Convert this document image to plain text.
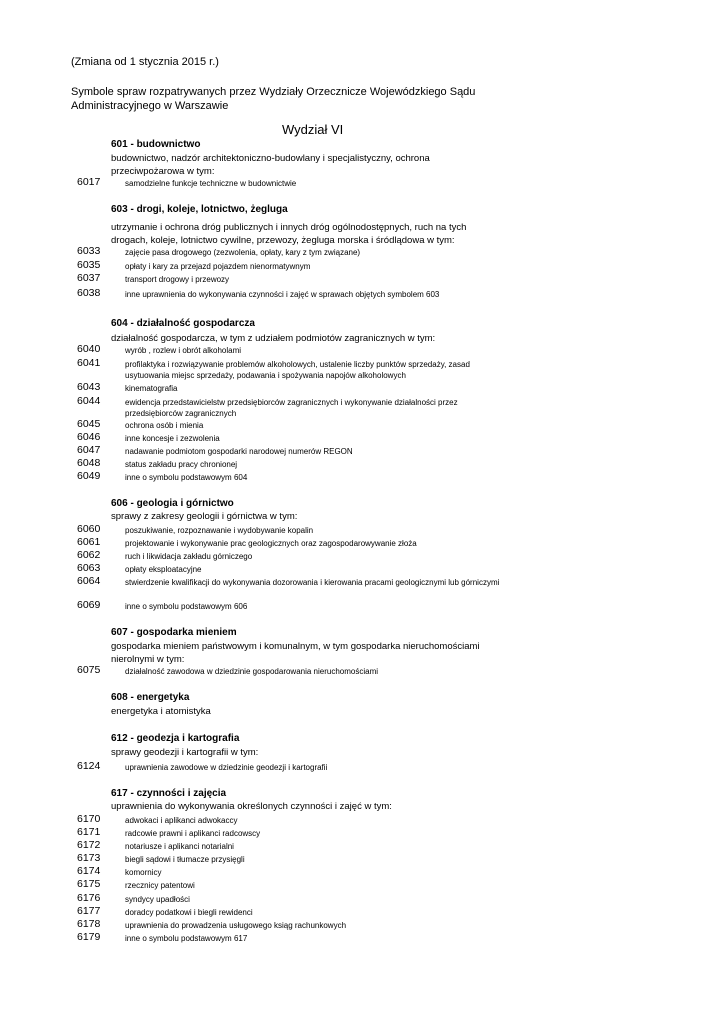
(Zmiana od 1 stycznia 2015 r.)
Symbole spraw rozpatrywanych przez Wydziały Orzecznicze Wojewódzkiego Sądu
Administracyjnego w Warszawie
Wydział VI
601 - budownictwo
budownictwo, nadzór architektoniczno-budowlany i specjalistyczny, ochrona przeciwpożarowa w tym:
6017	samodzielne funkcje techniczne w budownictwie
603 - drogi, koleje, lotnictwo, żegluga
utrzymanie i ochrona dróg publicznych i innych dróg ogólnodostępnych, ruch na tych drogach, koleje, lotnictwo cywilne, przewozy, żegluga morska i śródlądowa w tym:
6033	zajęcie pasa drogowego (zezwolenia, opłaty, kary z tym związane)
6035	opłaty i kary za przejazd pojazdem nienormatywnym
6037	transport drogowy i przewozy
6038	inne uprawnienia do wykonywania czynności i zajęć w sprawach objętych symbolem 603
604 - działalność gospodarcza
działalność gospodarcza, w tym z udziałem podmiotów zagranicznych w tym:
6040	wyrób , rozlew i obrót alkoholami
6041	profilaktyka i rozwiązywanie problemów alkoholowych, ustalenie liczby punktów sprzedaży, zasad usytuowania miejsc sprzedaży, podawania i spożywania napojów alkoholowych
6043	kinematografia
6044	ewidencja przedstawicielstw przedsiębiorców zagranicznych i wykonywanie działalności przez przedsiębiorców zagranicznych
6045	ochrona osób i mienia
6046	inne koncesje i zezwolenia
6047	nadawanie podmiotom gospodarki narodowej numerów REGON
6048	status zakładu pracy chronionej
6049	inne o symbolu podstawowym 604
606 - geologia i górnictwo
sprawy z zakresy geologii i górnictwa w tym:
6060	poszukiwanie, rozpoznawanie i wydobywanie kopalin
6061	projektowanie i wykonywanie prac geologicznych oraz zagospodarowywanie złoża
6062	ruch i likwidacja zakładu górniczego
6063	opłaty eksploatacyjne
6064	stwierdzenie kwalifikacji do wykonywania dozorowania i kierowania pracami geologicznymi lub górniczymi
6069	inne o symbolu podstawowym 606
607 - gospodarka mieniem
gospodarka mieniem państwowym i komunalnym, w tym gospodarka nieruchomościami nierolnymi w tym:
6075	działalność zawodowa w dziedzinie gospodarowania nieruchomościami
608 - energetyka
energetyka i atomistyka
612 - geodezja i kartografia
sprawy geodezji i kartografii w tym:
6124	uprawnienia zawodowe w dziedzinie geodezji i kartografii
617 - czynności i zajęcia
uprawnienia do wykonywania określonych czynności i zajęć w tym:
6170	adwokaci i aplikanci adwokaccy
6171	radcowie prawni i aplikanci radcowscy
6172	notariusze i aplikanci notarialni
6173	biegli sądowi i tłumacze przysięgli
6174	komornicy
6175	rzecznicy patentowi
6176	syndycy upadłości
6177	doradcy podatkowi i biegli rewidenci
6178	uprawnienia do prowadzenia usługowego ksiąg rachunkowych
6179	inne o symbolu podstawowym 617
